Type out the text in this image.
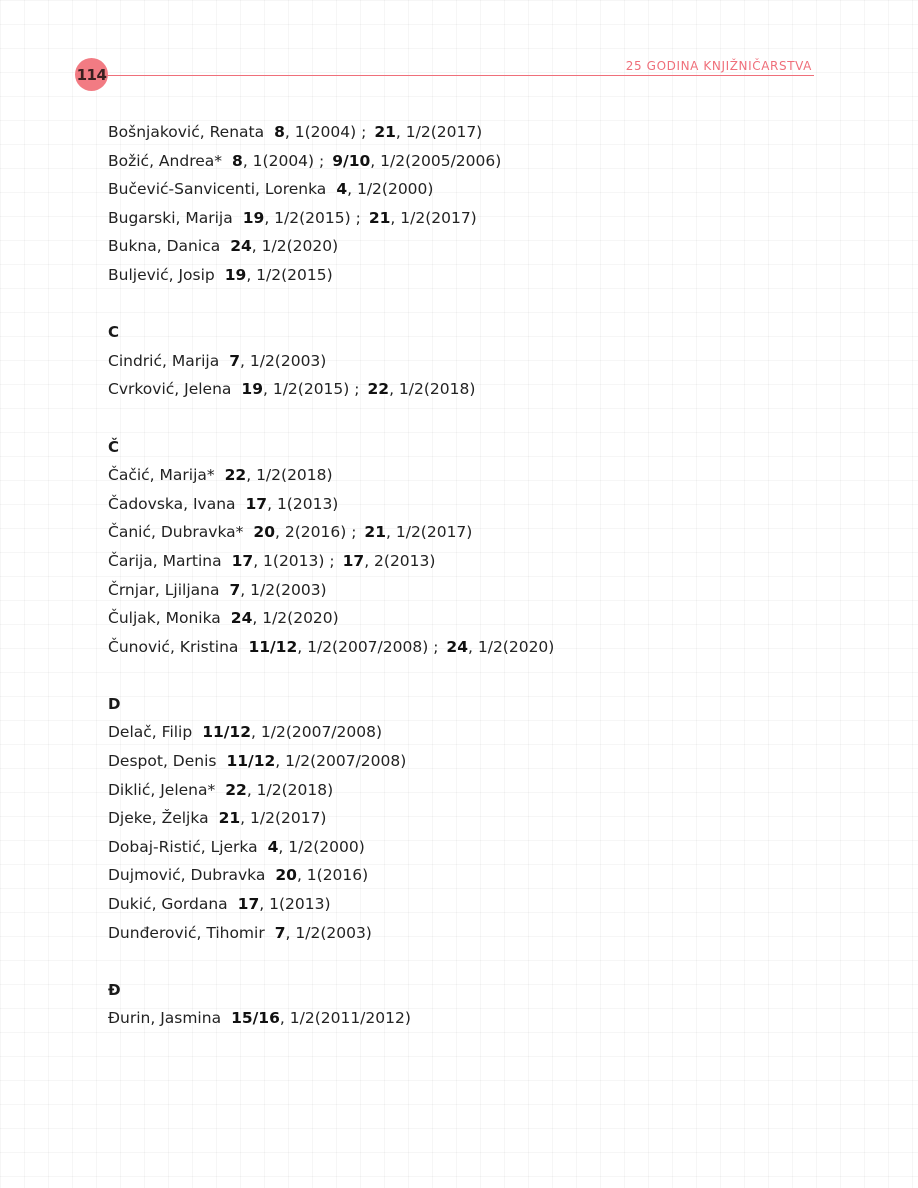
114	25 GODINA KNJIŽNIČARSTVA
Bošnjaković, Renata 8, 1(2004) ; 21, 1/2(2017)
Božić, Andrea* 8, 1(2004) ; 9/10, 1/2(2005/2006)
Bučević-Sanvicenti, Lorenka 4, 1/2(2000)
Bugarski, Marija 19, 1/2(2015) ; 21, 1/2(2017)
Bukna, Danica 24, 1/2(2020)
Buljević, Josip 19, 1/2(2015)
C
Cindrić, Marija 7, 1/2(2003)
Cvrković, Jelena 19, 1/2(2015) ; 22, 1/2(2018)
Č
Čačić, Marija* 22, 1/2(2018)
Čadovska, Ivana 17, 1(2013)
Čanić, Dubravka* 20, 2(2016) ; 21, 1/2(2017)
Čarija, Martina 17, 1(2013) ; 17, 2(2013)
Črnjar, Ljiljana 7, 1/2(2003)
Čuljak, Monika 24, 1/2(2020)
Čunović, Kristina 11/12, 1/2(2007/2008) ; 24, 1/2(2020)
D
Delač, Filip 11/12, 1/2(2007/2008)
Despot, Denis 11/12, 1/2(2007/2008)
Diklić, Jelena* 22, 1/2(2018)
Djeke, Željka 21, 1/2(2017)
Dobaj-Ristić, Ljerka 4, 1/2(2000)
Dujmović, Dubravka 20, 1(2016)
Dukić, Gordana 17, 1(2013)
Dunđerović, Tihomir 7, 1/2(2003)
Đ
Đurin, Jasmina 15/16, 1/2(2011/2012)
